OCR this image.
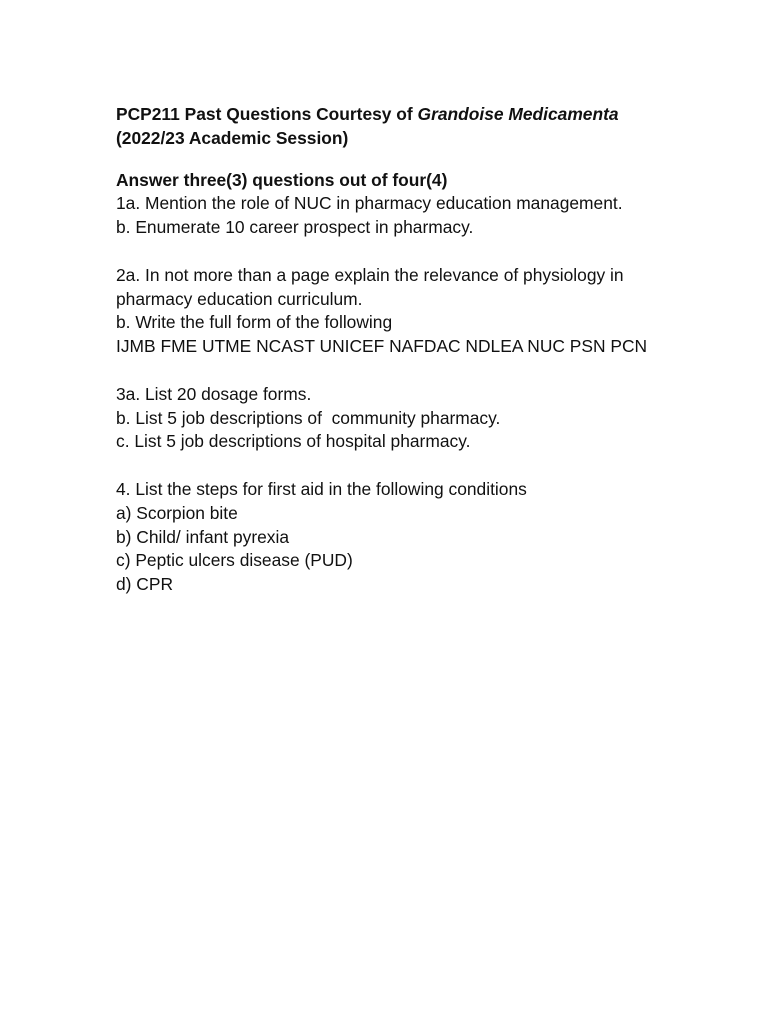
PCP211 Past Questions Courtesy of Grandoise Medicamenta
(2022/23 Academic Session)
Answer three(3) questions out of four(4)
1a. Mention the role of NUC in pharmacy education management.
b. Enumerate 10 career prospect in pharmacy.
2a. In not more than a page explain the relevance of physiology in pharmacy education curriculum.
b. Write the full form of the following
IJMB FME UTME NCAST UNICEF NAFDAC NDLEA NUC PSN PCN
3a. List 20 dosage forms.
b. List 5 job descriptions of  community pharmacy.
c. List 5 job descriptions of hospital pharmacy.
4. List the steps for first aid in the following conditions
a) Scorpion bite
b) Child/ infant pyrexia
c) Peptic ulcers disease (PUD)
d) CPR
